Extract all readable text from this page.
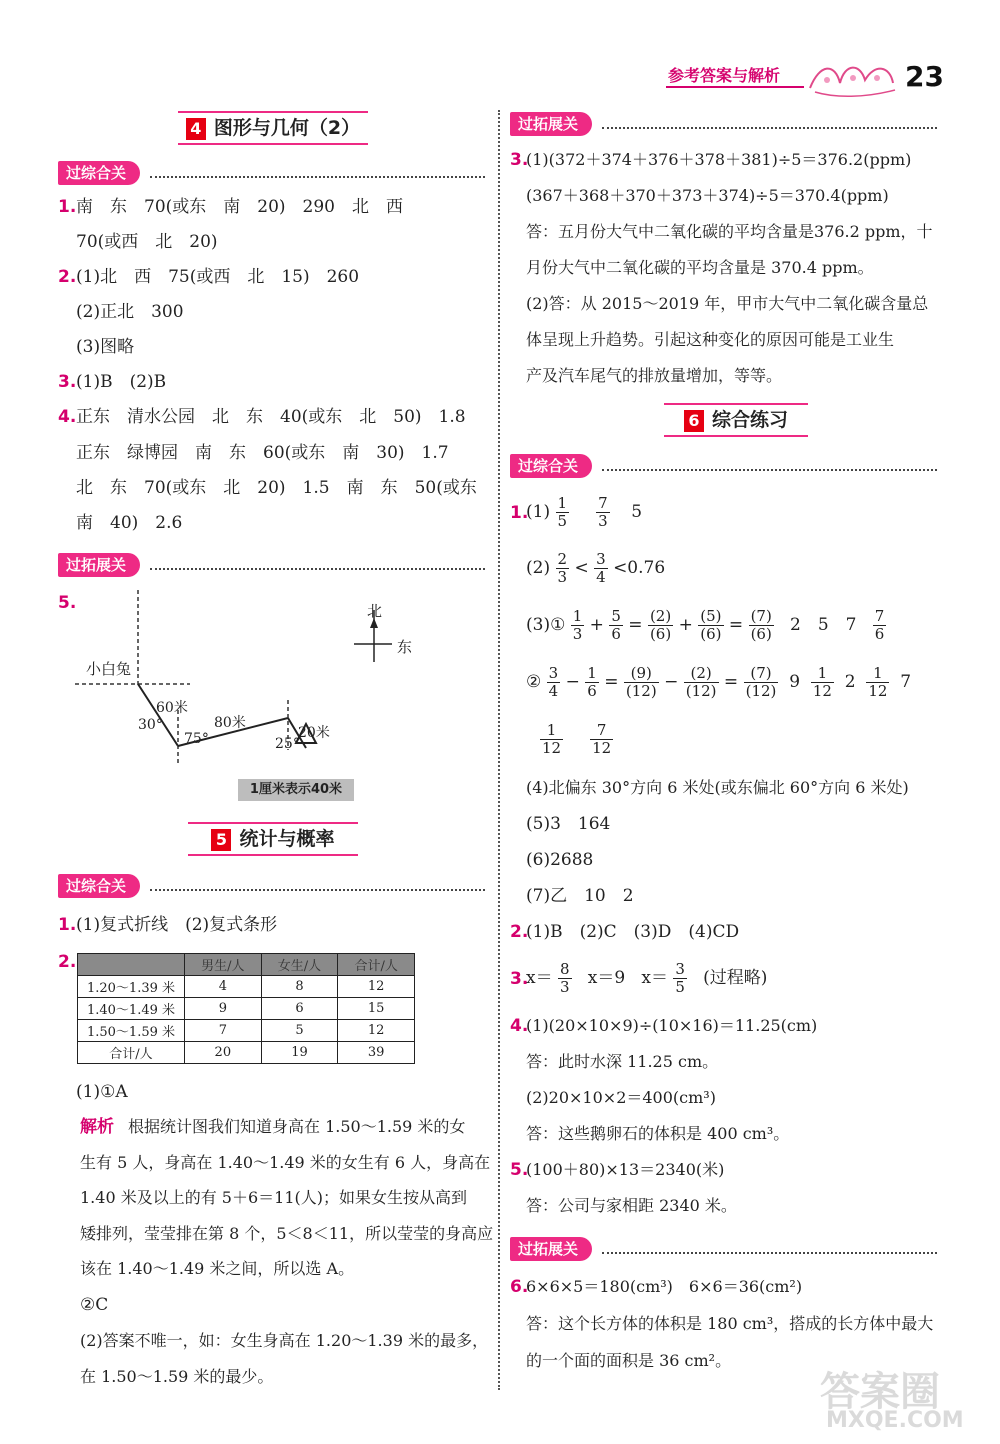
参考答案与解析	23
4 图形与几何（2）
过综合关
1. 南　东　70(或东　南　20)　290　北　西
70(或西　北　20)
2. (1)北　西　75(或西　北　15)　260
(2)正北　300
(3)图略
3. (1)B　(2)B
4. 正东　清水公园　北　东　40(或东　北　50)　1.8
正东　绿博园　南　东　60(或东　南　30)　1.7
北　东　70(或东　北　20)　1.5　南　东　50(或东
南　40)　2.6
过拓展关
5.	北
东
小白兔
60米
80米
20米
30°
75°	25°
1厘米表示40米
5 统计与概率
过综合关
1. (1)复式折线　(2)复式条形
2.
		男生/人	女生/人	合计/人
1.20～1.39 米	4	8	12
1.40～1.49 米	9	6	15
1.50～1.59 米	7	5	12
合计/人	20	19	39
(1)①A
解析 根据统计图我们知道身高在 1.50～1.59 米的女
生有 5 人，身高在 1.40～1.49 米的女生有 6 人，身高在
1.40 米及以上的有 5＋6＝11(人)；如果女生按从高到
矮排列，莹莹排在第 8 个，5＜8＜11，所以莹莹的身高应
该在 1.40～1.49 米之间，所以选 A。
②C
(2)答案不唯一，如：女生身高在 1.20～1.39 米的最多，
在 1.50～1.59 米的最少。
过拓展关
3.
(1)(372＋374＋376＋378＋381)÷5＝376.2(ppm)
(367＋368＋370＋373＋374)÷5＝370.4(ppm)
答：五月份大气中二氧化碳的平均含量是376.2 ppm，十
月份大气中二氧化碳的平均含量是 370.4 ppm。
(2)答：从 2015～2019 年，甲市大气中二氧化碳含量总
体呈现上升趋势。引起这种变化的原因可能是工业生
产及汽车尾气的排放量增加，等等。
6 综合练习
过综合关
1.
$(1) \frac{1}{5}$
$\frac{7}{3} 5$
$(2) \frac{2}{3} < \frac{3}{4} <0.76$
(3)① $\frac{1}{3} + \frac{5}{6} = \frac{(2)}{(6)} + \frac{(5)}{(6)} = \frac{(7)}{(6)} 2$　5　$7 \frac{7}{6}$
② $\frac{3}{4} - \frac{1}{6} = \frac{(9)}{(12)} - \frac{(2)}{(12)} = \frac{(7)}{(12)} 9 \frac{1}{12} 2 \frac{1}{12} 7$
$\frac{1}{12}$
$\frac{7}{12}$
(4)北偏东 30°方向 6 米处(或东偏北 60°方向 6 米处)
(5)3　164
(6)2688
(7)乙　10　2
2.
(1)B　(2)C　(3)D　(4)CD
3.
$x= \frac{8}{3} x=9$ $x= \frac{3}{5}$ (过程略)
4.
(1)(20×10×9)÷(10×16)＝11.25(cm)
答：此时水深 11.25 cm。
(2)20×10×2＝400(cm³)
答：这些鹅卵石的体积是 400 cm³。
5.
(100＋80)×13＝2340(米)
答：公司与家相距 2340 米。
过拓展关
6.
6×6×5＝180(cm³)　6×6＝36(cm²)
答：这个长方体的体积是 180 cm³，搭成的长方体中最大
的一个面的面积是 36 cm²。
答案圈
MXQE.COM
